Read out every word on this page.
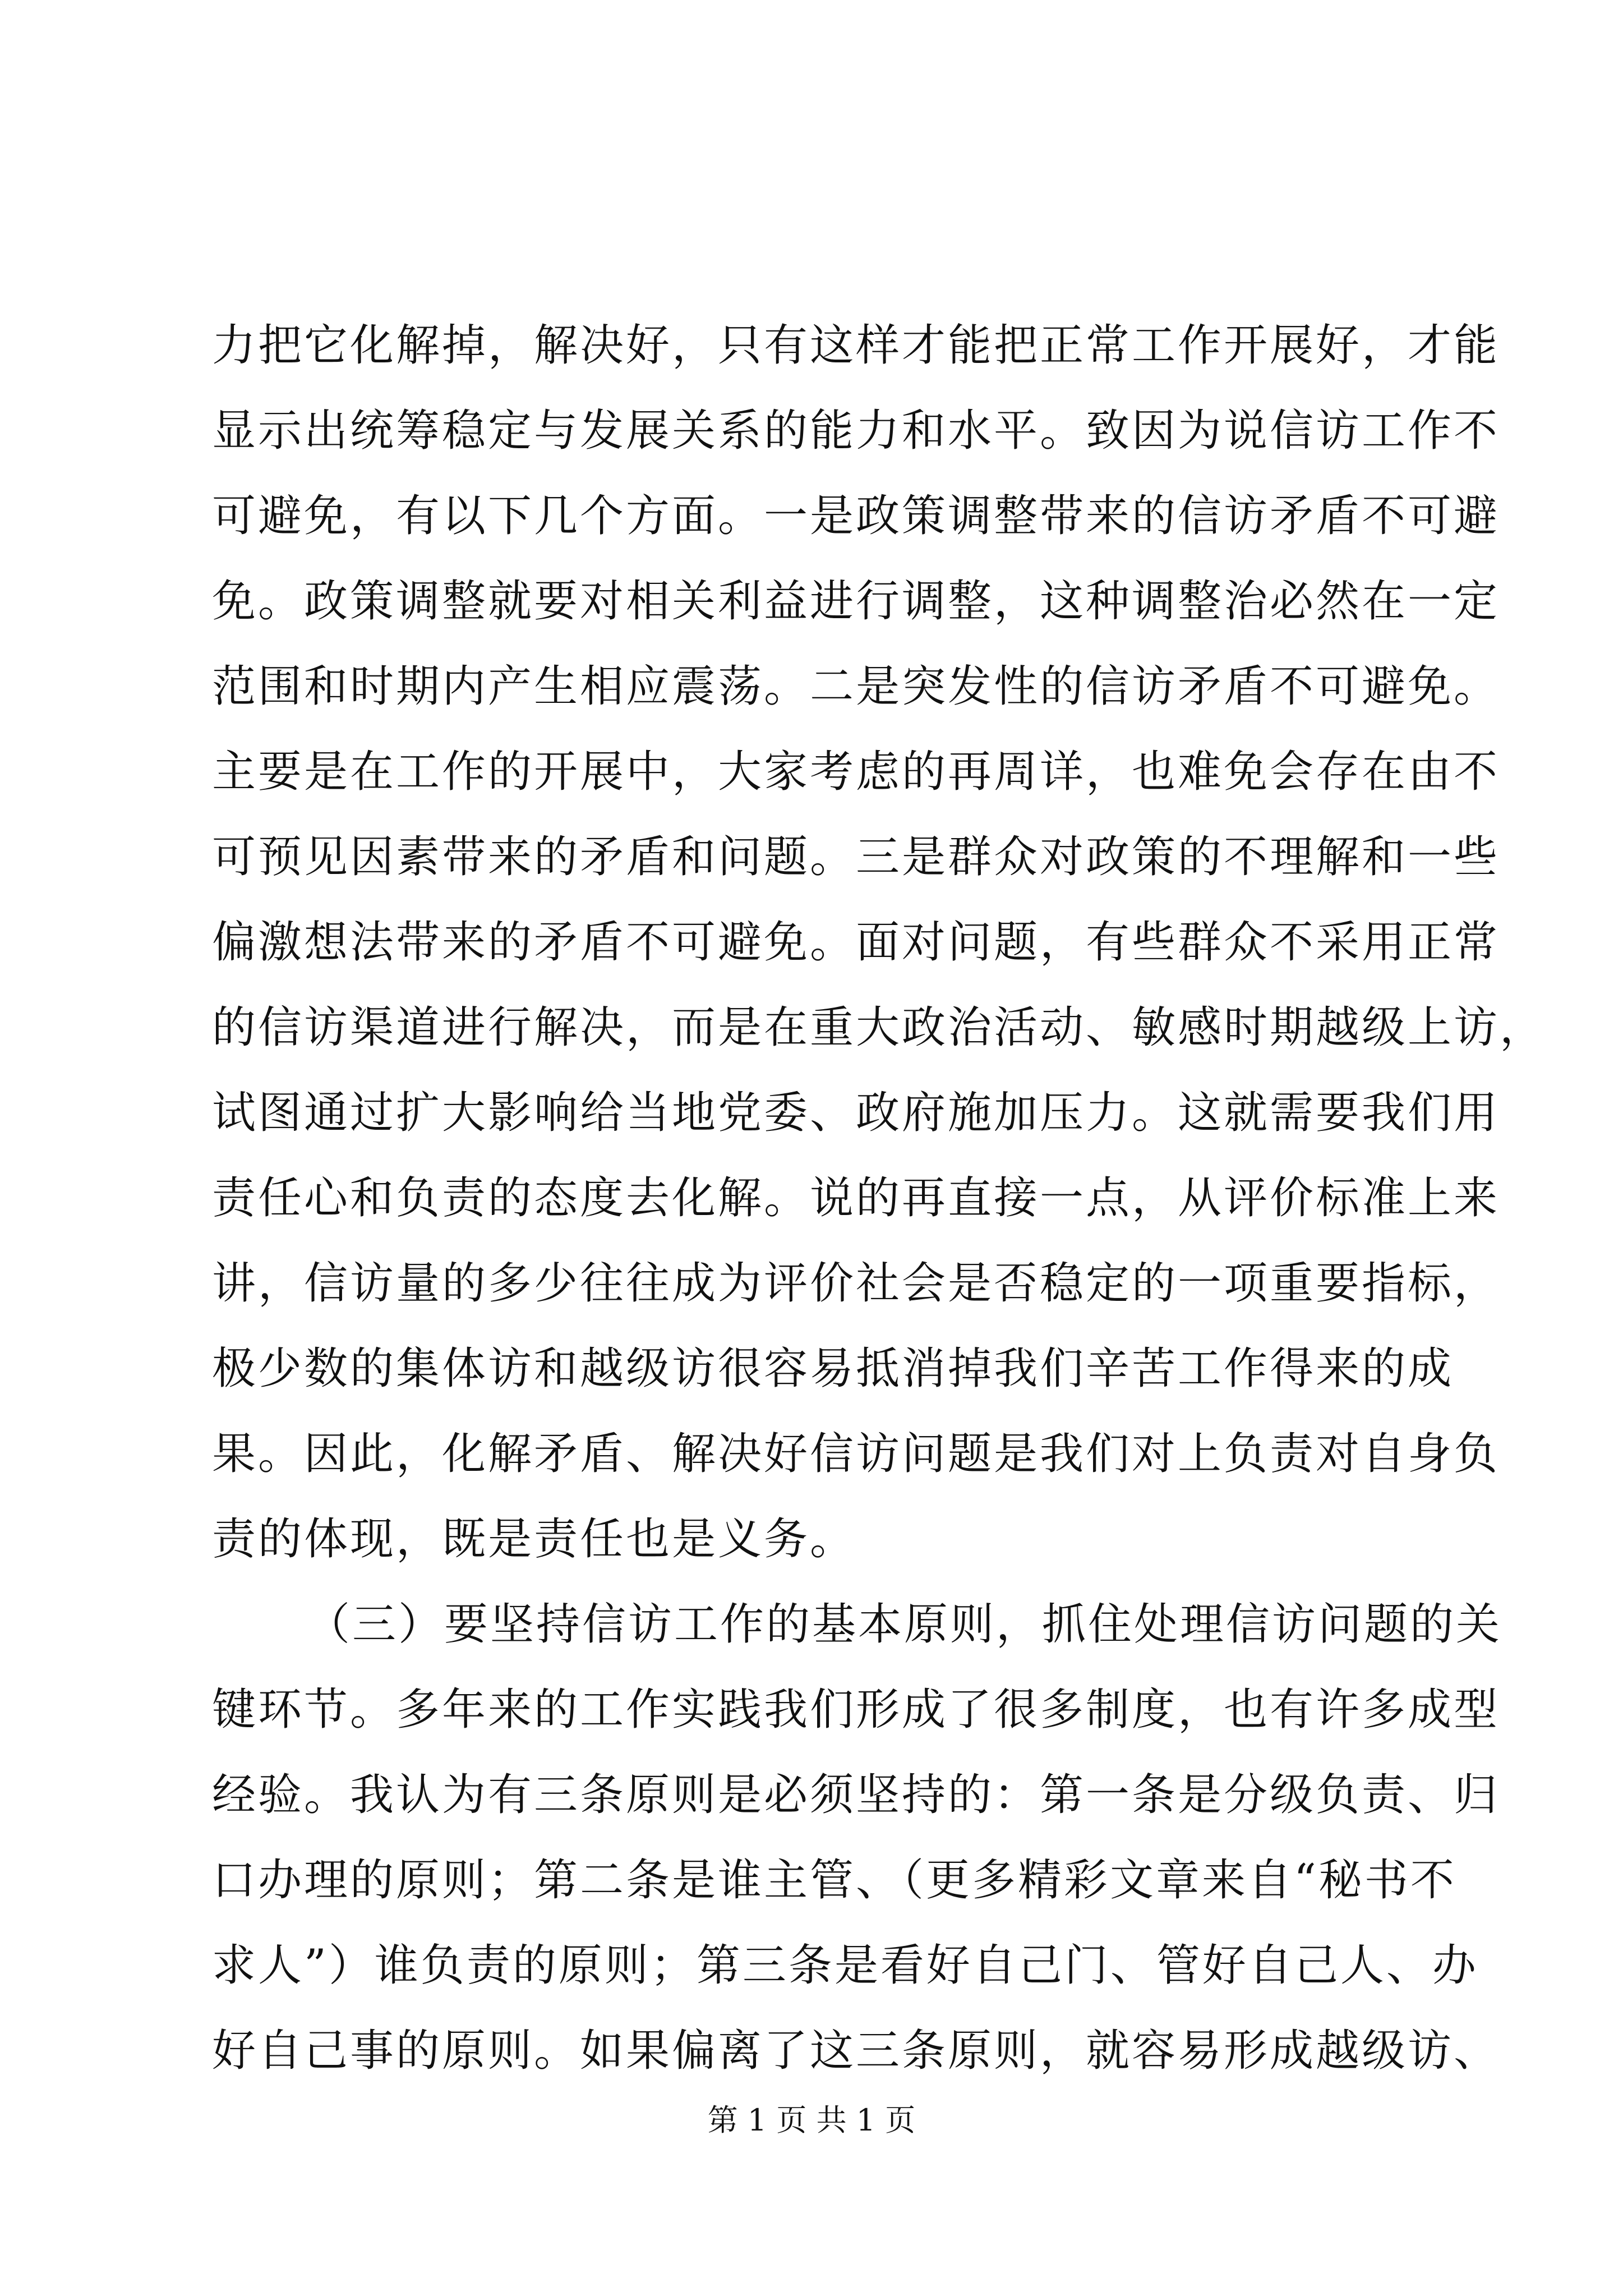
力把它化解掉，解决好，只有这样才能把正常工作开展好，才能
显示出统筹稳定与发展关系的能力和水平。致因为说信访工作不
可避免，有以下几个方面。一是政策调整带来的信访矛盾不可避
免。政策调整就要对相关利益进行调整，这种调整治必然在一定
范围和时期内产生相应震荡。二是突发性的信访矛盾不可避免。
主要是在工作的开展中，大家考虑的再周详，也难免会存在由不
可预见因素带来的矛盾和问题。三是群众对政策的不理解和一些
偏激想法带来的矛盾不可避免。面对问题，有些群众不采用正常
的信访渠道进行解决，而是在重大政治活动、敏感时期越级上访，
试图通过扩大影响给当地党委、政府施加压力。这就需要我们用
责任心和负责的态度去化解。说的再直接一点，从评价标准上来
讲，信访量的多少往往成为评价社会是否稳定的一项重要指标，
极少数的集体访和越级访很容易抵消掉我们辛苦工作得来的成
果。因此，化解矛盾、解决好信访问题是我们对上负责对自身负
责的体现，既是责任也是义务。
（三）要坚持信访工作的基本原则，抓住处理信访问题的关
键环节。多年来的工作实践我们形成了很多制度，也有许多成型
经验。我认为有三条原则是必须坚持的：第一条是分级负责、归
口办理的原则；第二条是谁主管、（更多精彩文章来自“秘书不
求人”）谁负责的原则；第三条是看好自己门、管好自己人、办
好自己事的原则。如果偏离了这三条原则，就容易形成越级访、
第 1 页 共 1 页
